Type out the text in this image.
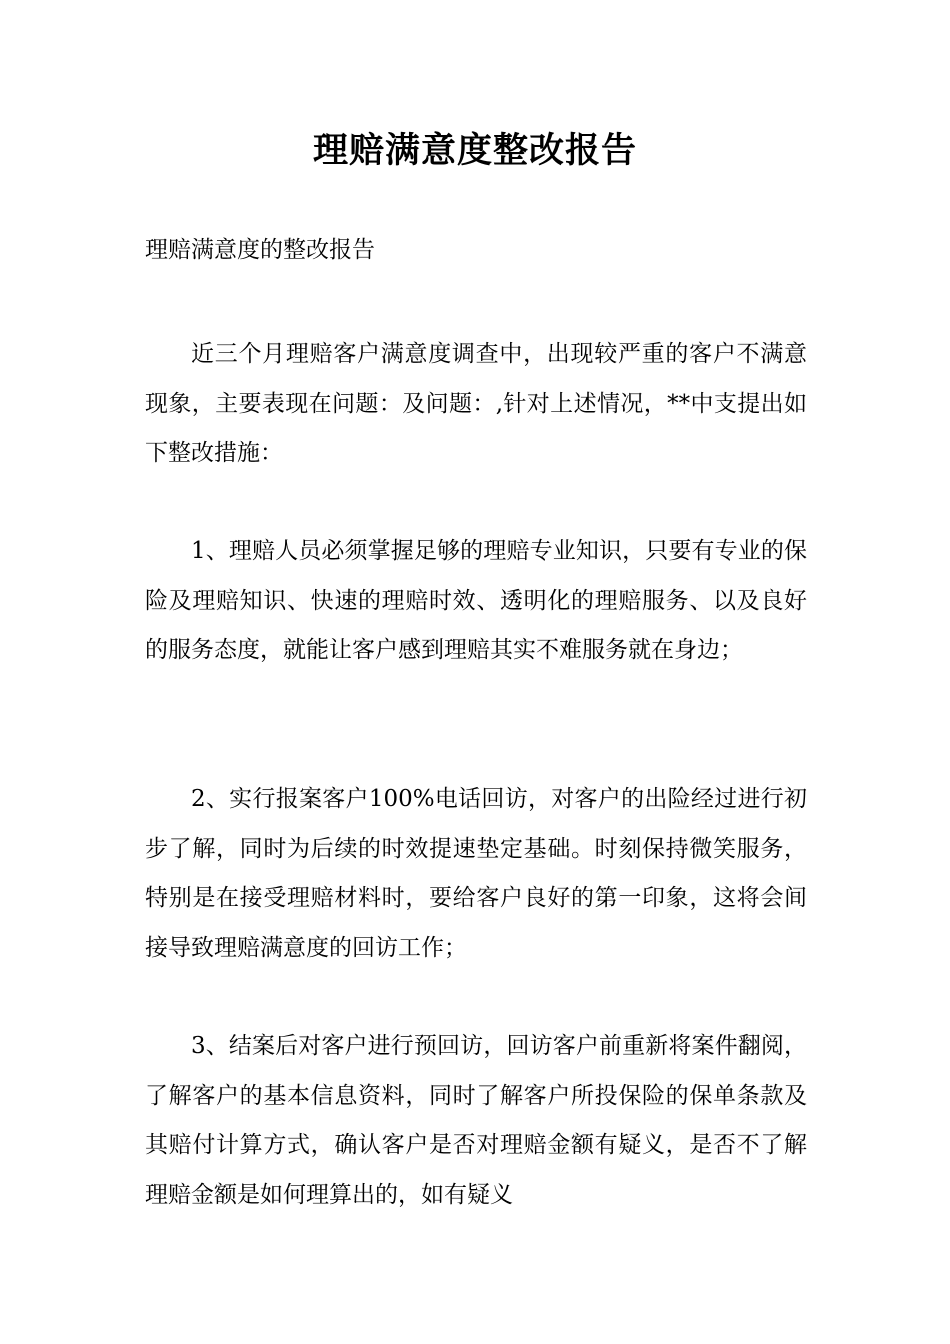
理赔满意度整改报告

理赔满意度的整改报告

近三个月理赔客户满意度调查中，出现较严重的客户不满意现象，主要表现在问题：及问题：,针对上述情况，**中支提出如下整改措施：

1、理赔人员必须掌握足够的理赔专业知识，只要有专业的保险及理赔知识、快速的理赔时效、透明化的理赔服务、以及良好的服务态度，就能让客户感到理赔其实不难服务就在身边；

2、实行报案客户100%电话回访，对客户的出险经过进行初步了解，同时为后续的时效提速垫定基础。时刻保持微笑服务，特别是在接受理赔材料时，要给客户良好的第一印象，这将会间接导致理赔满意度的回访工作；

3、结案后对客户进行预回访，回访客户前重新将案件翻阅，了解客户的基本信息资料，同时了解客户所投保险的保单条款及其赔付计算方式，确认客户是否对理赔金额有疑义，是否不了解理赔金额是如何理算出的，如有疑义
